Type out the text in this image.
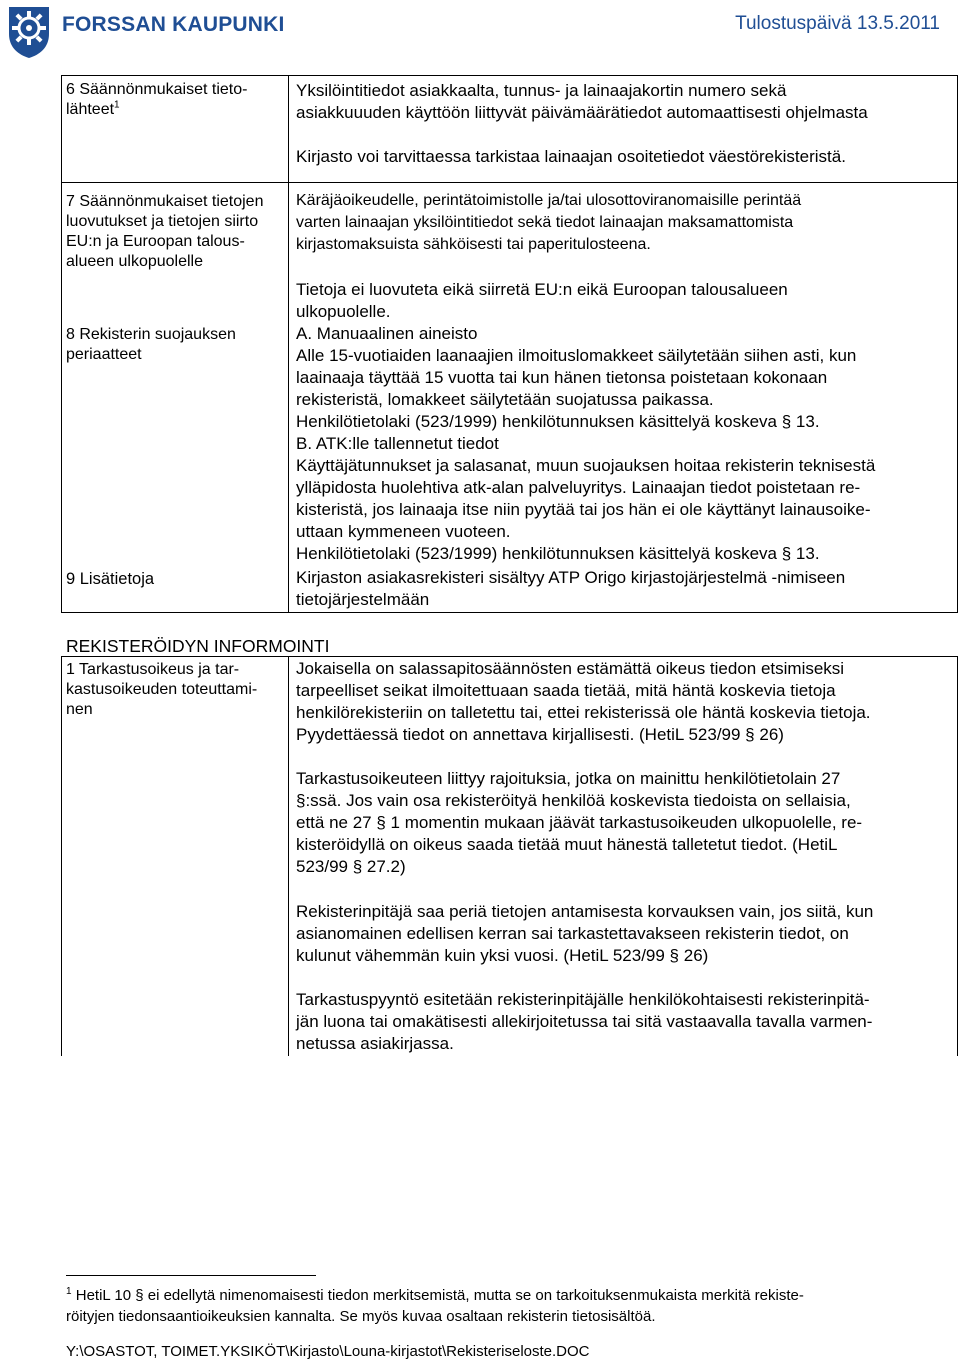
FORSSAN KAUPUNKI	Tulostuspäivä 13.5.2011
6 Säännönmukaiset tieto-
lähteet$^1$
Yksilöintitiedot asiakkaalta, tunnus- ja lainaajakortin numero sekä
asiakkuuuden käyttöön liittyvät päivämäärätiedot automaattisesti ohjelmasta
Kirjasto voi tarvittaessa tarkistaa lainaajan osoitetiedot väestörekisteristä.
7 Säännönmukaiset tietojen
luovutukset ja tietojen siirto
EU:n ja Euroopan talous-
alueen ulkopuolelle
Käräjäoikeudelle, perintätoimistolle ja/tai ulosottoviranomaisille perintää
varten lainaajan yksilöintitiedot sekä tiedot lainaajan maksamattomista
kirjastomaksuista sähköisesti tai paperitulosteena.
Tietoja ei luovuteta eikä siirretä EU:n eikä Euroopan talousalueen
ulkopuolelle.
8 Rekisterin suojauksen
periaatteet
A. Manuaalinen aineisto
Alle 15-vuotiaiden laanaajien ilmoituslomakkeet säilytetään siihen asti, kun
laainaaja täyttää 15 vuotta tai kun hänen tietonsa poistetaan kokonaan
rekisteristä, lomakkeet säilytetään suojatussa paikassa.
Henkilötietolaki (523/1999) henkilötunnuksen käsittelyä koskeva § 13.
B. ATK:lle tallennetut tiedot
Käyttäjätunnukset ja salasanat, muun suojauksen hoitaa rekisterin teknisestä
ylläpidosta huolehtiva atk-alan palveluyritys. Lainaajan tiedot poistetaan re-
kisteristä, jos lainaaja itse niin pyytää tai jos hän ei ole käyttänyt lainausoike-
uttaan kymmeneen vuoteen.
Henkilötietolaki (523/1999) henkilötunnuksen käsittelyä koskeva § 13.
9 Lisätietoja	Kirjaston asiakasrekisteri sisältyy ATP Origo kirjastojärjestelmä -nimiseen
tietojärjestelmään
REKISTERÖIDYN INFORMOINTI
1 Tarkastusoikeus ja tar-
kastusoikeuden toteuttami-
nen
Jokaisella on salassapitosäännösten estämättä oikeus tiedon etsimiseksi
tarpeelliset seikat ilmoitettuaan saada tietää, mitä häntä koskevia tietoja
henkilörekisteriin on talletettu tai, ettei rekisterissä ole häntä koskevia tietoja.
Pyydettäessä tiedot on annettava kirjallisesti. (HetiL 523/99 § 26)
Tarkastusoikeuteen liittyy rajoituksia, jotka on mainittu henkilötietolain 27
§:ssä. Jos vain osa rekisteröityä henkilöä koskevista tiedoista on sellaisia,
että ne 27 § 1 momentin mukaan jäävät tarkastusoikeuden ulkopuolelle, re-
kisteröidyllä on oikeus saada tietää muut hänestä talletetut tiedot. (HetiL
523/99 § 27.2)
Rekisterinpitäjä saa periä tietojen antamisesta korvauksen vain, jos siitä, kun
asianomainen edellisen kerran sai tarkastettavakseen rekisterin tiedot, on
kulunut vähemmän kuin yksi vuosi. (HetiL 523/99 § 26)
Tarkastuspyyntö esitetään rekisterinpitäjälle henkilökohtaisesti rekisterinpitä-
jän luona tai omakätisesti allekirjoitetussa tai sitä vastaavalla tavalla varmen-
netussa asiakirjassa.
$^1$ HetiL 10 § ei edellytä nimenomaisesti tiedon merkitsemistä, mutta se on tarkoituksenmukaista merkitä rekiste-
röityjen tiedonsaantioikeuksien kannalta. Se myös kuvaa osaltaan rekisterin tietosisältöä.
Y:\OSASTOT, TOIMET.YKSIKÖT\Kirjasto\Louna-kirjastot\Rekisteriseloste.DOC
